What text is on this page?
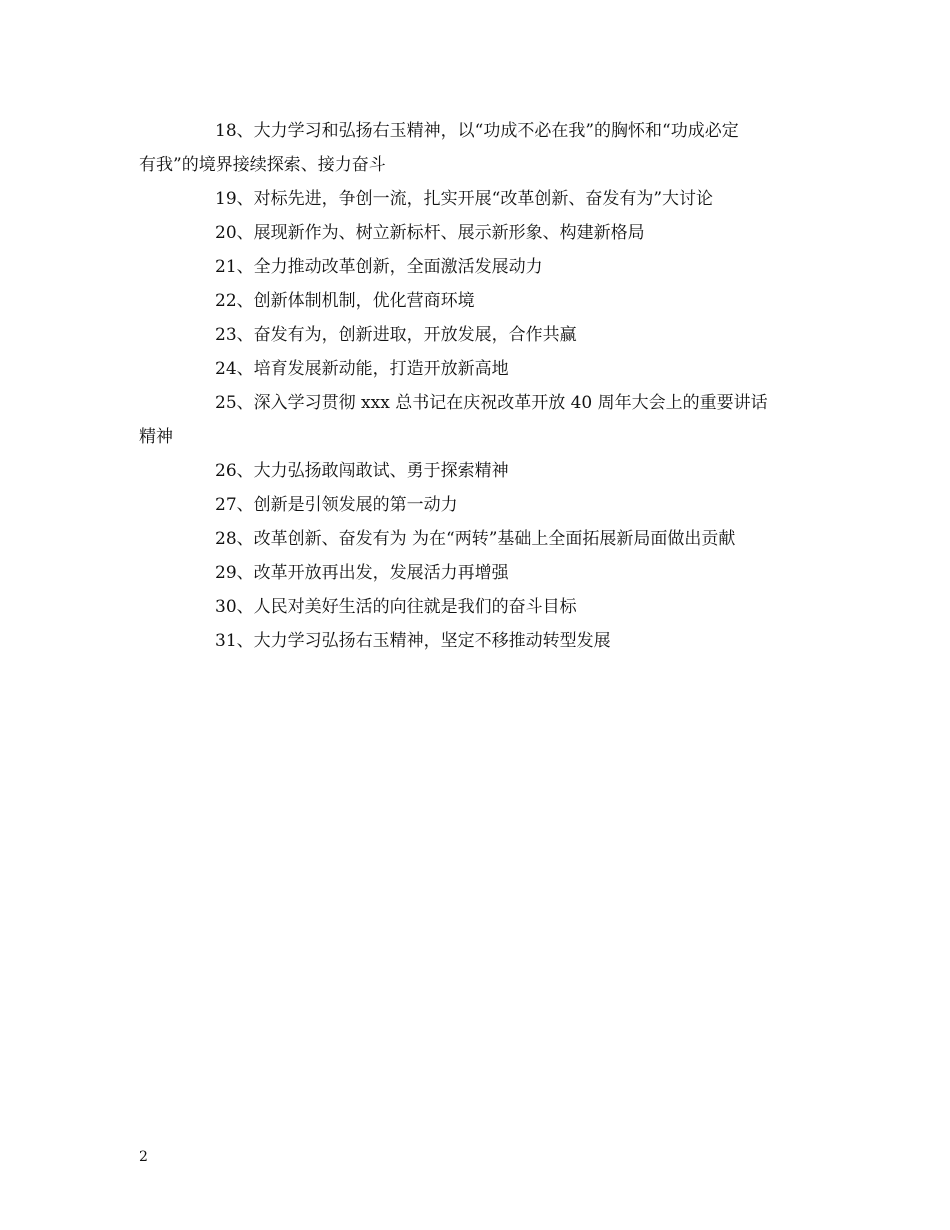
18、大力学习和弘扬右玉精神，以“功成不必在我”的胸怀和“功成必定
有我”的境界接续探索、接力奋斗

19、对标先进，争创一流，扎实开展“改革创新、奋发有为”大讨论

20、展现新作为、树立新标杆、展示新形象、构建新格局

21、全力推动改革创新，全面激活发展动力

22、创新体制机制，优化营商环境

23、奋发有为，创新进取，开放发展，合作共赢

24、培育发展新动能，打造开放新高地

25、深入学习贯彻 xxx 总书记在庆祝改革开放 40 周年大会上的重要讲话
精神

26、大力弘扬敢闯敢试、勇于探索精神

27、创新是引领发展的第一动力

28、改革创新、奋发有为 为在“两转”基础上全面拓展新局面做出贡献

29、改革开放再出发，发展活力再增强

30、人民对美好生活的向往就是我们的奋斗目标

31、大力学习弘扬右玉精神，坚定不移推动转型发展

2
